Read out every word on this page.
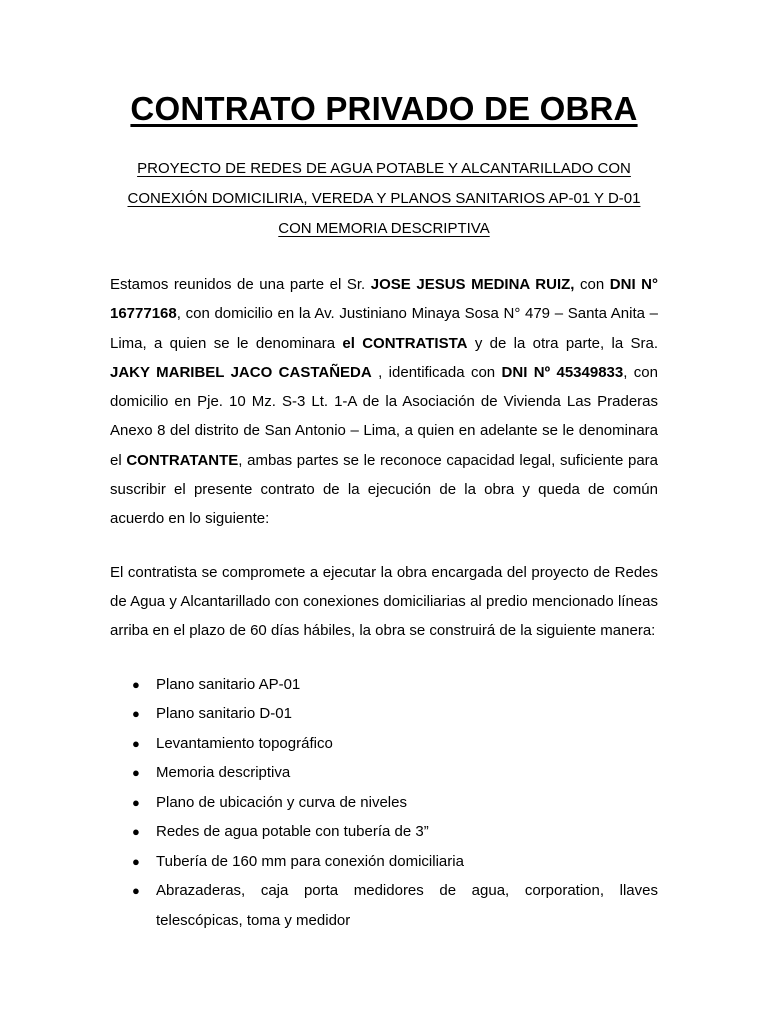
CONTRATO PRIVADO DE OBRA
PROYECTO DE REDES DE AGUA POTABLE Y ALCANTARILLADO CON CONEXIÓN DOMICILIRIA, VEREDA Y PLANOS SANITARIOS AP-01 Y D-01 CON MEMORIA DESCRIPTIVA

Estamos reunidos de una parte el Sr. JOSE JESUS MEDINA RUIZ, con DNI N° 16777168, con domicilio en la Av. Justiniano Minaya Sosa N° 479 – Santa Anita – Lima, a quien se le denominara el CONTRATISTA y de la otra parte, la Sra. JAKY MARIBEL JACO CASTAÑEDA , identificada con DNI Nº 45349833, con domicilio en Pje. 10 Mz. S-3 Lt. 1-A de la Asociación de Vivienda Las Praderas Anexo 8 del distrito de San Antonio – Lima, a quien en adelante se le denominara el CONTRATANTE, ambas partes se le reconoce capacidad legal, suficiente para suscribir el presente contrato de la ejecución de la obra y queda de común acuerdo en lo siguiente:

El contratista se compromete a ejecutar la obra encargada del proyecto de Redes de Agua y Alcantarillado con conexiones domiciliarias al predio mencionado líneas arriba en el plazo de 60 días hábiles, la obra se construirá de la siguiente manera:

● Plano sanitario AP-01
● Plano sanitario D-01
● Levantamiento topográfico
● Memoria descriptiva
● Plano de ubicación y curva de niveles
● Redes de agua potable con tubería de 3”
● Tubería de 160 mm para conexión domiciliaria
● Abrazaderas, caja porta medidores de agua, corporation, llaves telescópicas, toma y medidor
